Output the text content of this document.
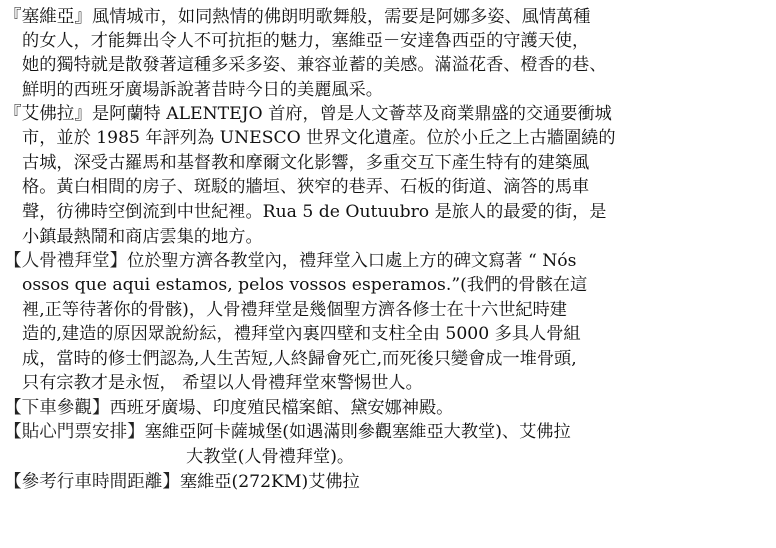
『塞維亞』風情城市，如同熱情的佛朗明歌舞般，需要是阿娜多姿、風情萬種
的女人，才能舞出令人不可抗拒的魅力，塞維亞－安達魯西亞的守護天使，
她的獨特就是散發著這種多采多姿、兼容並蓄的美感。滿溢花香、橙香的巷、
鮮明的西班牙廣場訴說著昔時今日的美麗風采。
『艾佛拉』是阿蘭特 ALENTEJO 首府，曾是人文薈萃及商業鼎盛的交通要衝城
市，並於 1985 年評列為 UNESCO 世界文化遺產。位於小丘之上古牆圍繞的
古城，深受古羅馬和基督教和摩爾文化影響，多重交互下產生特有的建築風
格。黃白相間的房子、斑駁的牆垣、狹窄的巷弄、石板的街道、滴答的馬車
聲，彷彿時空倒流到中世紀裡。Rua 5 de Outuubro 是旅人的最愛的街，是
小鎮最熱鬧和商店雲集的地方。
【人骨禮拜堂】位於聖方濟各教堂內，禮拜堂入口處上方的碑文寫著 “ Nós
ossos que aqui estamos, pelos vossos esperamos.”(我們的骨骸在這
裡,正等待著你的骨骸)，人骨禮拜堂是幾個聖方濟各修士在十六世紀時建
造的,建造的原因眾說紛紜，禮拜堂內裏四壁和支柱全由 5000 多具人骨組
成，當時的修士們認為,人生苦短,人終歸會死亡,而死後只變會成一堆骨頭,
只有宗教才是永恆， 希望以人骨禮拜堂來警惕世人。
【下車參觀】西班牙廣場、印度殖民檔案館、黛安娜神殿。
【貼心門票安排】塞維亞阿卡薩城堡(如遇滿則參觀塞維亞大教堂)、艾佛拉
大教堂(人骨禮拜堂)。
【參考行車時間距離】塞維亞(272KM)艾佛拉
